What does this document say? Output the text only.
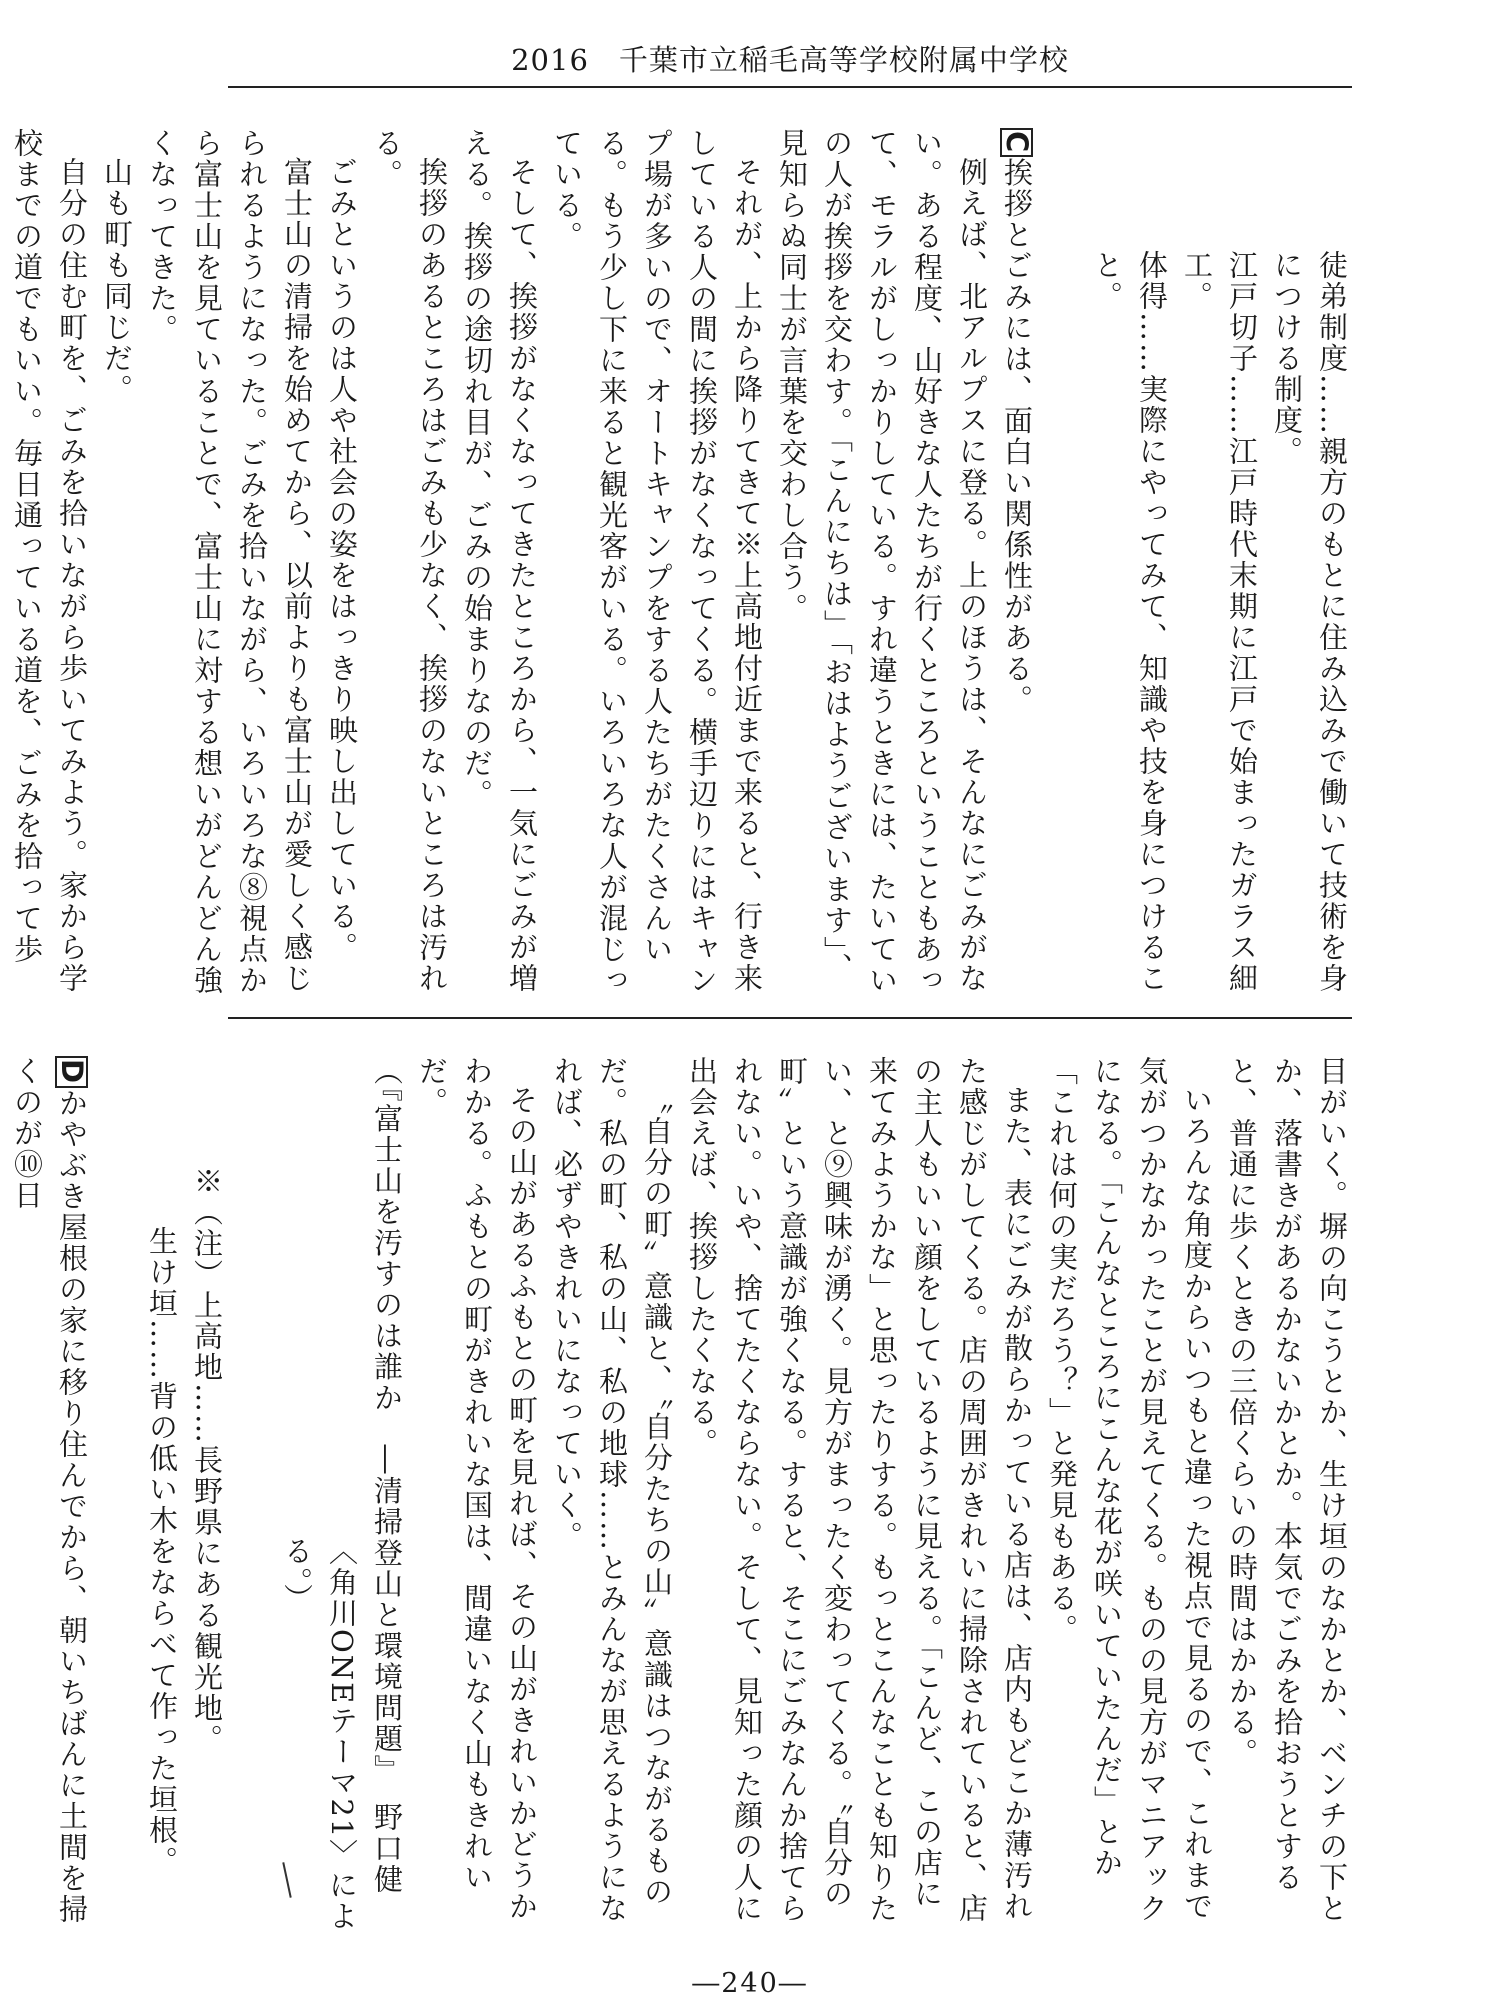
2016　千葉市立稲毛高等学校附属中学校

徒弟制度……親方のもとに住み込みで働いて技術を身につける制度。

江戸切子……江戸時代末期に江戸で始まったガラス細工。

体得……実際にやってみて、知識や技を身につけること。

C挨拶とごみには、面白い関係性がある。

例えば、北アルプスに登る。上のほうは、そんなにごみがない。ある程度、山好きな人たちが行くところということもあって、モラルがしっかりしている。すれ違うときには、たいていの人が挨拶を交わす。「こんにちは」「おはようございます」、見知らぬ同士が言葉を交わし合う。

それが、上から降りてきて※上高地付近まで来ると、行き来している人の間に挨拶がなくなってくる。横手辺りにはキャンプ場が多いので、オートキャンプをする人たちがたくさんいる。もう少し下に来ると観光客がいる。いろいろな人が混じっている。

そして、挨拶がなくなってきたところから、一気にごみが増える。挨拶の途切れ目が、ごみの始まりなのだ。

挨拶のあるところはごみも少なく、挨拶のないところは汚れる。

ごみというのは人や社会の姿をはっきり映し出している。

富士山の清掃を始めてから、以前よりも富士山が愛しく感じられるようになった。ごみを拾いながら、いろいろな⑧視点から富士山を見ていることで、富士山に対する想いがどんどん強くなってきた。

山も町も同じだ。

自分の住む町を、ごみを拾いながら歩いてみよう。家から学校までの道でもいい。毎日通っている道を、ごみを拾って歩

目がいく。塀の向こうとか、生け垣のなかとか、ベンチの下とか、落書きがあるかないかとか。本気でごみを拾おうとすると、普通に歩くときの三倍くらいの時間はかかる。

いろんな角度からいつもと違った視点で見るので、これまで気がつかなかったことが見えてくる。ものの見方がマニアックになる。「こんなところにこんな花が咲いていたんだ」とか「これは何の実だろう？」と発見もある。

また、表にごみが散らかっている店は、店内もどこか薄汚れた感じがしてくる。店の周囲がきれいに掃除されていると、店の主人もいい顔をしているように見える。「こんど、この店に来てみようかな」と思ったりする。もっとこんなことも知りたい、と⑨興味が湧く。見方がまったく変わってくる。〝自分の町〟という意識が強くなる。すると、そこにごみなんか捨てられない。いや、捨てたくならない。そして、見知った顔の人に出会えば、挨拶したくなる。

〝自分の町〟意識と、〝自分たちの山〟意識はつながるものだ。私の町、私の山、私の地球……とみんなが思えるようになれば、必ずやきれいになっていく。

その山があるふもとの町を見れば、その山がきれいかどうかわかる。ふもとの町がきれいな国は、間違いなく山もきれいだ。

（『富士山を汚すのは誰か　―清掃登山と環境問題』　野口健

〈角川ONEテーマ21〉による。）

※（注）上高地……長野県にある観光地。

生け垣……背の低い木をならべて作った垣根。

Dかやぶき屋根の家に移り住んでから、朝いちばんに土間を掃くのが⑩日

―240―
